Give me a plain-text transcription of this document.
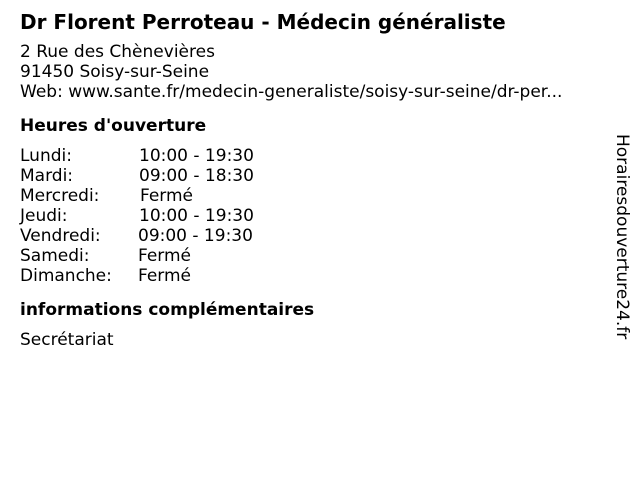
Dr Florent Perroteau - Médecin généraliste
2 Rue des Chènevières
91450 Soisy-sur-Seine
Web: www.sante.fr/medecin-generaliste/soisy-sur-seine/dr-per...
Heures d'ouverture
Lundi:	10:00 - 19:30
Mardi:	09:00 - 18:30
Mercredi: Fermé
Jeudi:	10:00 - 19:30
Vendredi: 09:00 - 19:30
Samedi:	Fermé
Dimanche: Fermé
informations complémentaires
Secrétariat
Horairesdouverture24.fr
